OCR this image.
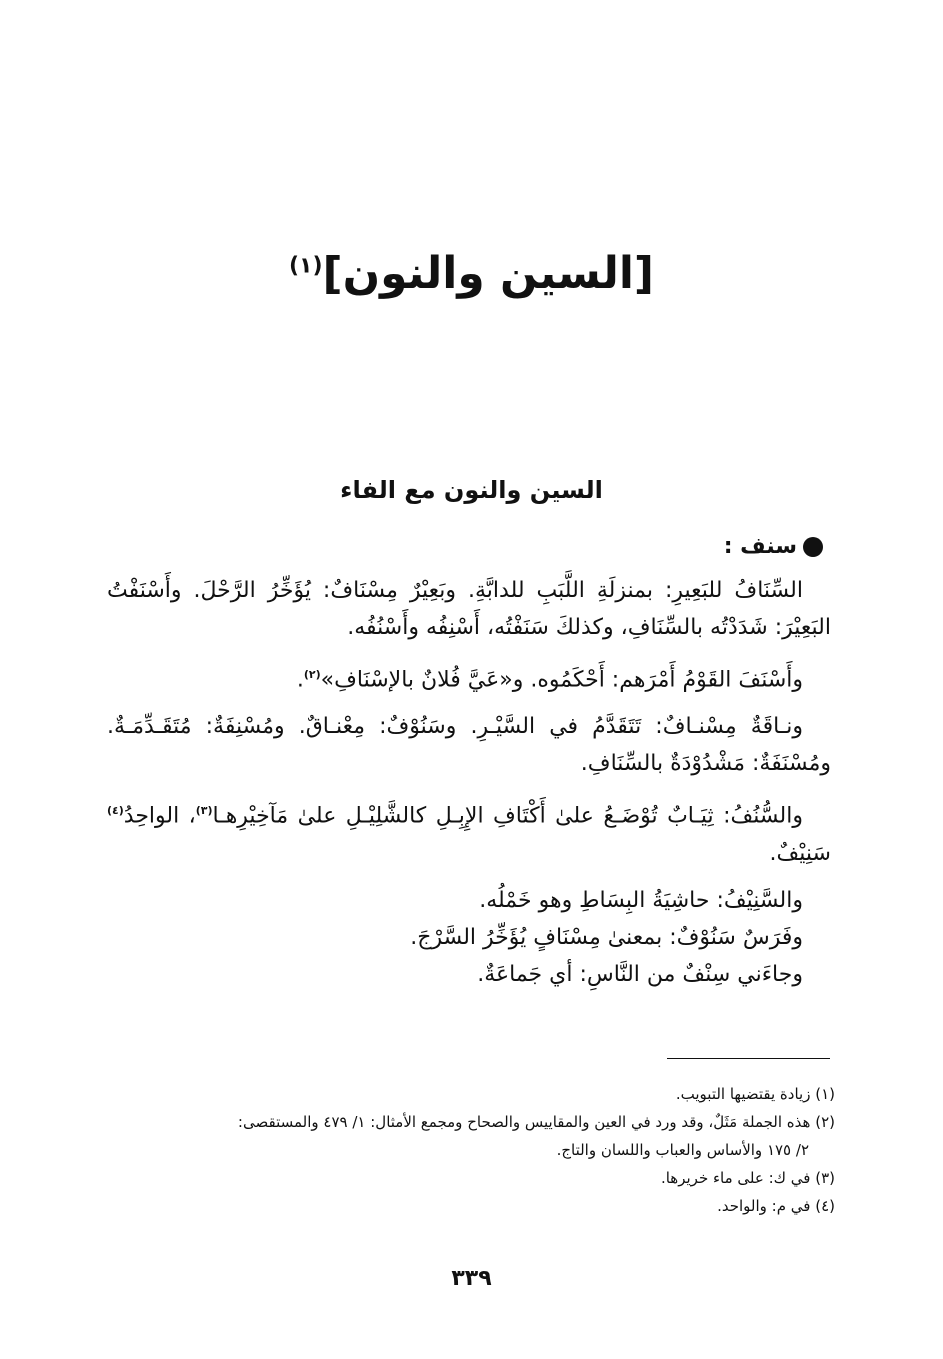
[السين والنون]$^{(١)}$
السين والنون مع الفاء
سنف :

السِّنَافُ للبَعِيرِ: بمنزلَةِ اللَّبَبِ للدابَّةِ. وبَعِيْرٌ مِسْنَافٌ: يُؤَخِّرُ الرَّحْلَ. وأَسْنَفْتُ البَعِيْرَ: شَدَدْتُه بالسِّنَافِ، وكذلكَ سَنَفْتُه، أَسْنِفُه وأَسْنُفُه.

وأَسْنَفَ القَوْمُ أَمْرَهم: أَحْكَمُوه. و«عَيَّ فُلانٌ بالإسْنَافِ»$^{(٢)}$.

ونـاقَةٌ مِسْنـافٌ: تَتَقَدَّمُ في السَّيْـرِ. وسَنُوْفٌ: مِعْنـاقٌ. ومُسْنِفَةٌ: مُتَقَـدِّمَـةٌ. ومُسْنَفَةٌ: مَشْدُوْدَةٌ بالسِّنَافِ.

والسُّنُفُ: ثِيَـابٌ تُوْضَـعُ علىٰ أَكْتَافِ الإِبِـلِ كالشَّلِيْـلِ علىٰ مَآخِيْرِهـا$^{(٣)}$، الواحِدُ$^{(٤)}$ سَنِيْفٌ.

والسَّنِيْفُ: حاشِيَةُ البِسَاطِ وهو خَمْلُه.

وفَرَسٌ سَنُوْفٌ: بمعنىٰ مِسْنَافٍ يُؤَخِّرُ السَّرْجَ.

وجاءَني سِنْفٌ من النَّاسِ: أي جَماعَةٌ.

(١) زيادة يقتضيها التبويب.
(٢) هذه الجملة مَثَلٌ، وقد ورد في العين والمقاييس والصحاح ومجمع الأمثال: ١/ ٤٧٩ والمستقصى:
٢/ ١٧٥ والأساس والعباب واللسان والتاج.
(٣) في ك: على ماء خريرها.
(٤) في م: والواحد.
٣٣٩
